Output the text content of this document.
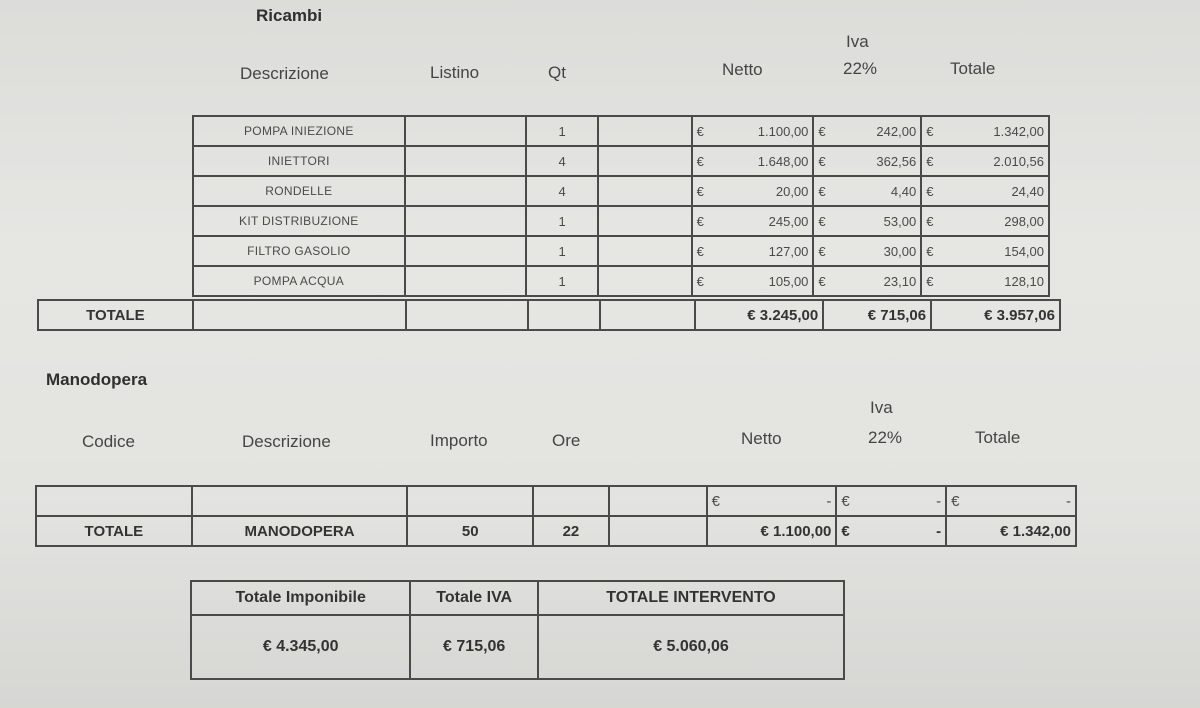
Ricambi
Descrizione	Listino	Qt	Netto
Iva
22%	Totale
POMPA INIEZIONE		1		€ 1.100,00	€ 242,00	€ 1.342,00

INIETTORI		4		€ 1.648,00	€ 362,56	€ 2.010,56

RONDELLE		4		€ 20,00	€ 4,40	€ 24,40

KIT DISTRIBUZIONE		1		€ 245,00	€ 53,00	€ 298,00

FILTRO GASOLIO		1		€ 127,00	€ 30,00	€ 154,00

POMPA ACQUA		1		€ 105,00	€ 23,10	€ 128,10
TOTALE					€ 3.245,00	€ 715,06	€ 3.957,06
Manodopera
Codice	Descrizione	Importo	Ore	Netto
Iva
22%	Totale

					€ -	€ -	€ -

TOTALE	MANODOPERA	50	22		€ 1.100,00	€ -	€ 1.342,00
Totale Imponibile	Totale IVA	TOTALE INTERVENTO
€ 4.345,00	€ 715,06	€ 5.060,06
